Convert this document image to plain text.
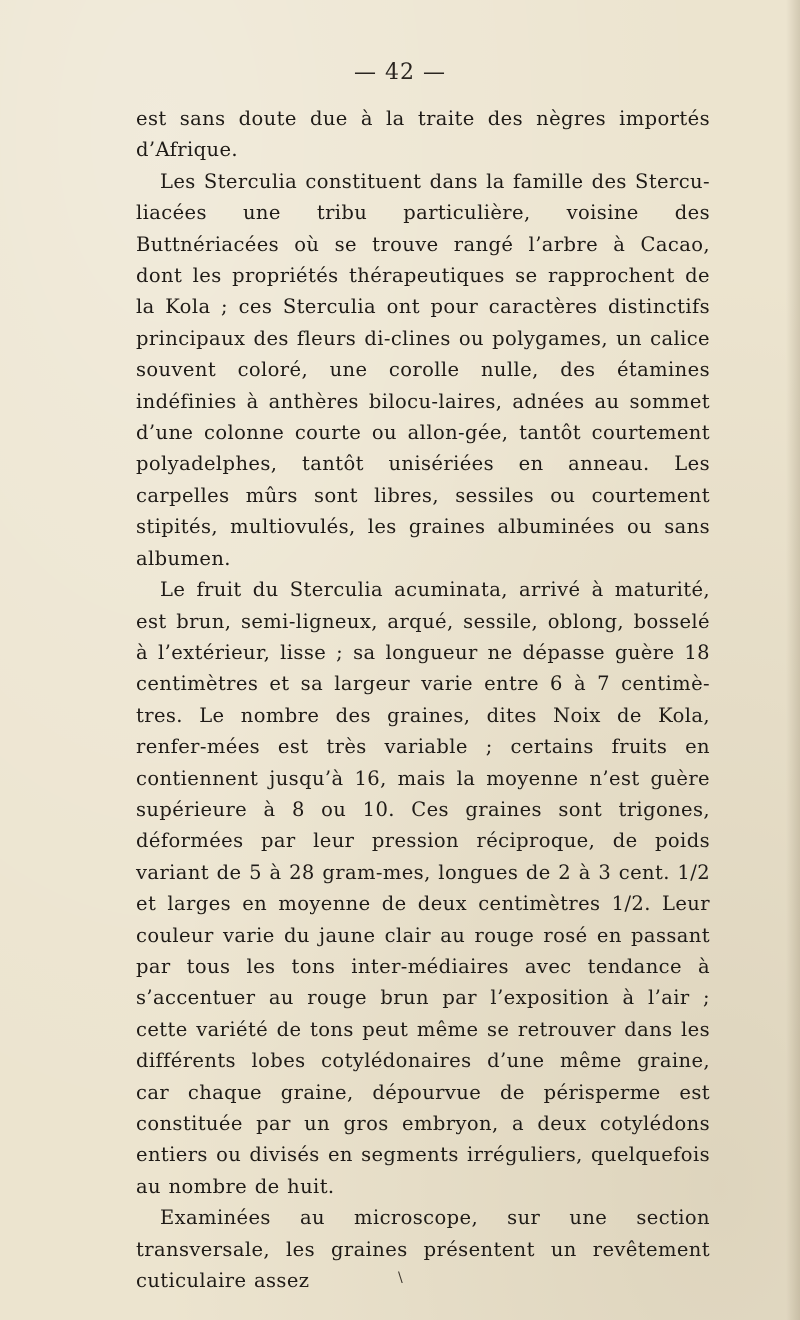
— 42 —

est sans doute due à la traite des nègres importés d’Afrique.

Les Sterculia constituent dans la famille des Stercu-liacées une tribu particulière, voisine des Buttnériacées où se trouve rangé l’arbre à Cacao, dont les propriétés thérapeutiques se rapprochent de la Kola ; ces Sterculia ont pour caractères distinctifs principaux des fleurs di-clines ou polygames, un calice souvent coloré, une corolle nulle, des étamines indéfinies à anthères bilocu-laires, adnées au sommet d’une colonne courte ou allon-gée, tantôt courtement polyadelphes, tantôt unisériées en anneau. Les carpelles mûrs sont libres, sessiles ou courtement stipités, multiovulés, les graines albuminées ou sans albumen.

Le fruit du Sterculia acuminata, arrivé à maturité, est brun, semi-ligneux, arqué, sessile, oblong, bosselé à l’extérieur, lisse ; sa longueur ne dépasse guère 18 centimètres et sa largeur varie entre 6 à 7 centimè-tres. Le nombre des graines, dites Noix de Kola, renfer-mées est très variable ; certains fruits en contiennent jusqu’à 16, mais la moyenne n’est guère supérieure à 8 ou 10. Ces graines sont trigones, déformées par leur pression réciproque, de poids variant de 5 à 28 gram-mes, longues de 2 à 3 cent. 1/2 et larges en moyenne de deux centimètres 1/2. Leur couleur varie du jaune clair au rouge rosé en passant par tous les tons inter-médiaires avec tendance à s’accentuer au rouge brun par l’exposition à l’air ; cette variété de tons peut même se retrouver dans les différents lobes cotylédonaires d’une même graine, car chaque graine, dépourvue de périsperme est constituée par un gros embryon, a deux cotylédons entiers ou divisés en segments irréguliers, quelquefois au nombre de huit.

Examinées au microscope, sur une section transversale, les graines présentent un revêtement cuticulaire assez	\
